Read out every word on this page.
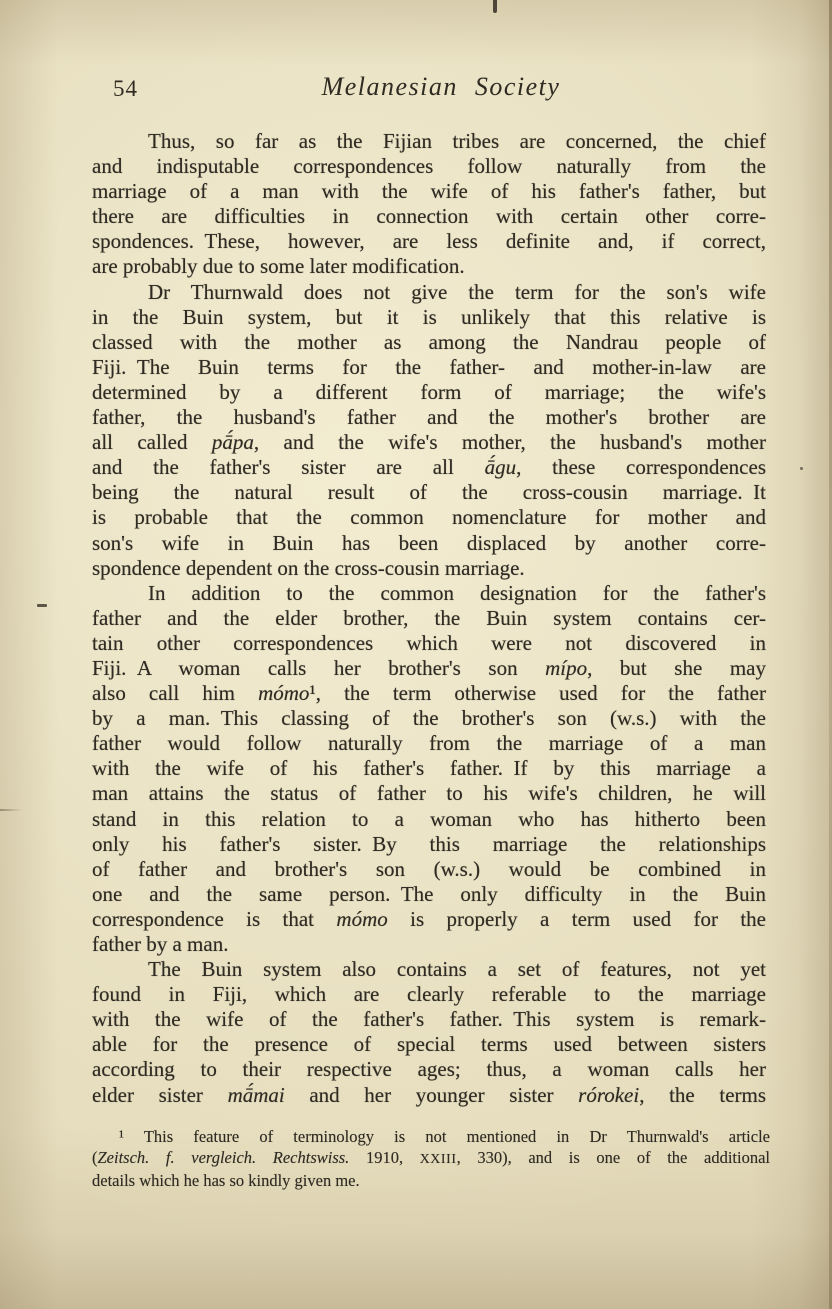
54	Melanesian Society
Thus, so far as the Fijian tribes are concerned, the chief
and indisputable correspondences follow naturally from the
marriage of a man with the wife of his father's father, but
there are difficulties in connection with certain other corre-
spondences. These, however, are less definite and, if correct,
are probably due to some later modification.
Dr Thurnwald does not give the term for the son's wife
in the Buin system, but it is unlikely that this relative is
classed with the mother as among the Nandrau people of
Fiji. The Buin terms for the father- and mother-in-law are
determined by a different form of marriage; the wife's
father, the husband's father and the mother's brother are
all called pā́pa, and the wife's mother, the husband's mother
and the father's sister are all ā́gu, these correspondences
being the natural result of the cross-cousin marriage. It
is probable that the common nomenclature for mother and
son's wife in Buin has been displaced by another corre-
spondence dependent on the cross-cousin marriage.
In addition to the common designation for the father's
father and the elder brother, the Buin system contains cer-
tain other correspondences which were not discovered in
Fiji. A woman calls her brother's son mípo, but she may
also call him mómo¹, the term otherwise used for the father
by a man. This classing of the brother's son (w.s.) with the
father would follow naturally from the marriage of a man
with the wife of his father's father. If by this marriage a
man attains the status of father to his wife's children, he will
stand in this relation to a woman who has hitherto been
only his father's sister. By this marriage the relationships
of father and brother's son (w.s.) would be combined in
one and the same person. The only difficulty in the Buin
correspondence is that mómo is properly a term used for the
father by a man.
The Buin system also contains a set of features, not yet
found in Fiji, which are clearly referable to the marriage
with the wife of the father's father. This system is remark-
able for the presence of special terms used between sisters
according to their respective ages; thus, a woman calls her
elder sister mā́mai and her younger sister rórokei, the terms
¹ This feature of terminology is not mentioned in Dr Thurnwald's article
(Zeitsch. f. vergleich. Rechtswiss. 1910, XXIII, 330), and is one of the additional
details which he has so kindly given me.
